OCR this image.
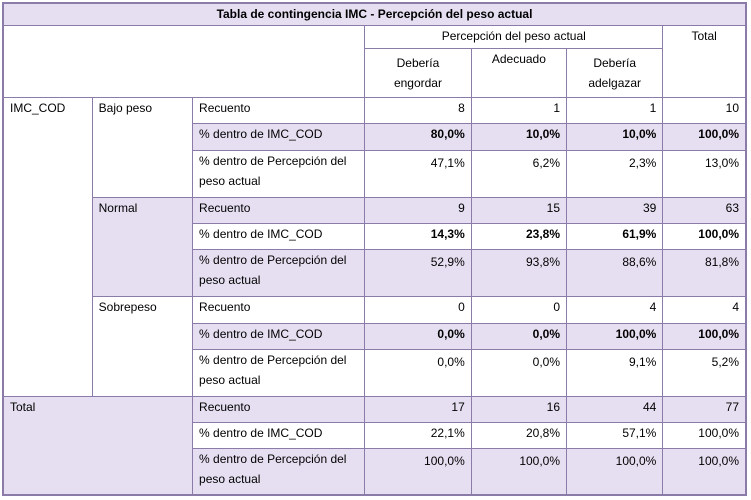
Tabla de contingencia IMC - Percepción del peso actual						
			Percepción del peso actual			Total
			Debería engordar	Adecuado	Debería adelgazar	

IMC_COD	Bajo peso	Recuento	8	1	1	10
		% dentro de IMC_COD	80,0%	10,0%	10,0%	100,0%
		% dentro de Percepción del peso actual	47,1%	6,2%	2,3%	13,0%
	Normal	Recuento	9	15	39	63
		% dentro de IMC_COD	14,3%	23,8%	61,9%	100,0%
		% dentro de Percepción del peso actual	52,9%	93,8%	88,6%	81,8%
	Sobrepeso	Recuento	0	0	4	4
		% dentro de IMC_COD	0,0%	0,0%	100,0%	100,0%
		% dentro de Percepción del peso actual	0,0%	0,0%	9,1%	5,2%
Total		Recuento	17	16	44	77
		% dentro de IMC_COD	22,1%	20,8%	57,1%	100,0%
		% dentro de Percepción del peso actual	100,0%	100,0%	100,0%	100,0%
